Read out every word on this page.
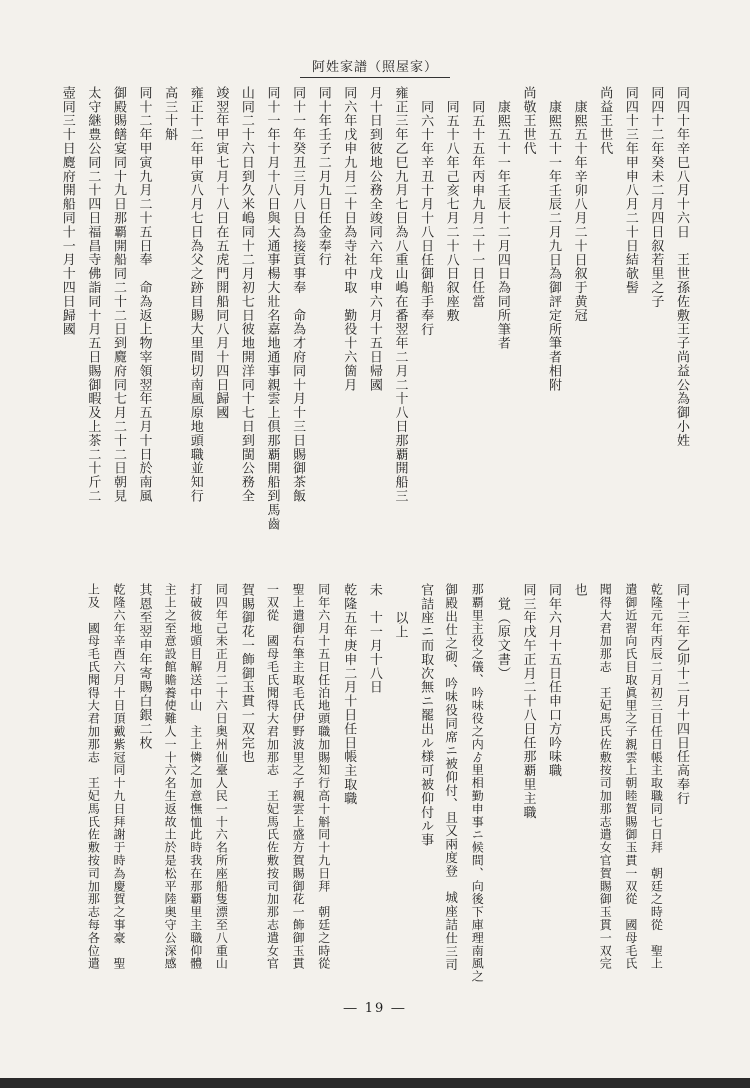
阿姓家譜（照屋家）
同四十年辛巳八月十六日　王世孫佐敷王子尚益公為御小姓
同四十二年癸未二月四日叙若里之子
同四十三年甲申八月二十日結欹髻
尚益王世代
康熙五十年辛卯八月二十日叙于黄冠
康熙五十一年壬辰二月九日為御評定所筆者相附
尚敬王世代
康熙五十一年壬辰十二月四日為同所筆者
同五十五年丙申九月二十一日任當
同五十八年己亥七月二十八日叙座敷
同六十年辛丑十月十八日任御船手奉行
雍正三年乙巳九月七日為八重山嶋在番翌年二月二十八日那覇開船三
月十日到彼地公務全竣同六年戊申六月十五日帰國
同六年戊申九月二十日為寺社中取　勤役十六箇月
同十年壬子二月九日任金奉行
同十一年癸丑三月八日為接貢事奉　命為才府同十月十三日賜御茶飯
同十一年十月十八日與大通事楊大壯名嘉地通事親雲上倶那覇開船到馬齒
山同二十六日到久米嶋同十二月初七日彼地開洋同十七日到閩公務全
竣翌年甲寅七月十八日在五虎門開船同八月十四日歸國
雍正十二年甲寅八月七日為父之跡目賜大里間切南風原地頭職並知行
高三十斛
同十二年甲寅九月二十五日奉　命為返上物宰領翌年五月十日於南風
御殿賜饍宴同十九日那覇開船同二十二日到麑府同七月二十二日朝見
太守継豊公同二十四日福昌寺佛詣同十月五日賜御暇及上茶二十斤二
壺同三十日麑府開船同十一月十四日歸國
同十三年乙卯十二月十四日任高奉行
乾隆元年丙辰二月初三日任日帳主取職同七日拜　朝廷之時從　聖上
遣御近習向氏目取眞里之子親雲上朝睦賀賜御玉貫一双從　國母毛氏
聞得大君加那志　王妃馬氏佐敷按司加那志遣女官賀賜御玉貫一双完
也
同年六月十五日任申口方吟味職
同三年戊午正月二十八日任那覇里主職
覚（原文書）
那覇里主役之儀、吟味役之内ゟ里相勤申事ニ候間、向後下庫理南風之
御殿出仕之砌、吟味役同席ニ被仰付、且又兩度登　城座詰仕三司
官詰座ニ而取次無ニ罷出ル様可被仰付ル事
以上
未　十一月十八日
乾隆五年庚申二月十日任日帳主取職
同年六月十五日任泊地頭職加賜知行高十斛同十九日拜　朝廷之時從
聖上遣御右筆主取毛氏伊野波里之子親雲上盛方賀賜御花一飾御玉貫
一双從　國母毛氏聞得大君加那志　王妃馬氏佐敷按司加那志遣女官
賀賜御花一飾御玉貫一双完也
同四年己未正月二十六日奥州仙臺人民一十六名所座船隻漂至八重山
打破彼地頭目解送中山　主上憐之加意憮恤此時我在那覇里主職仰體
主上之至意設館贍養使難人一十六名生返故土於是松平陸奥守公深感
其恩至翌申年寄賜白銀二枚
乾隆六年辛酉六月十日頂戴紫冠同十九日拜謝于時為慶賀之事豪　聖
上及　國母毛氏聞得大君加那志　王妃馬氏佐敷按司加那志每各位遣
― 19 ―
